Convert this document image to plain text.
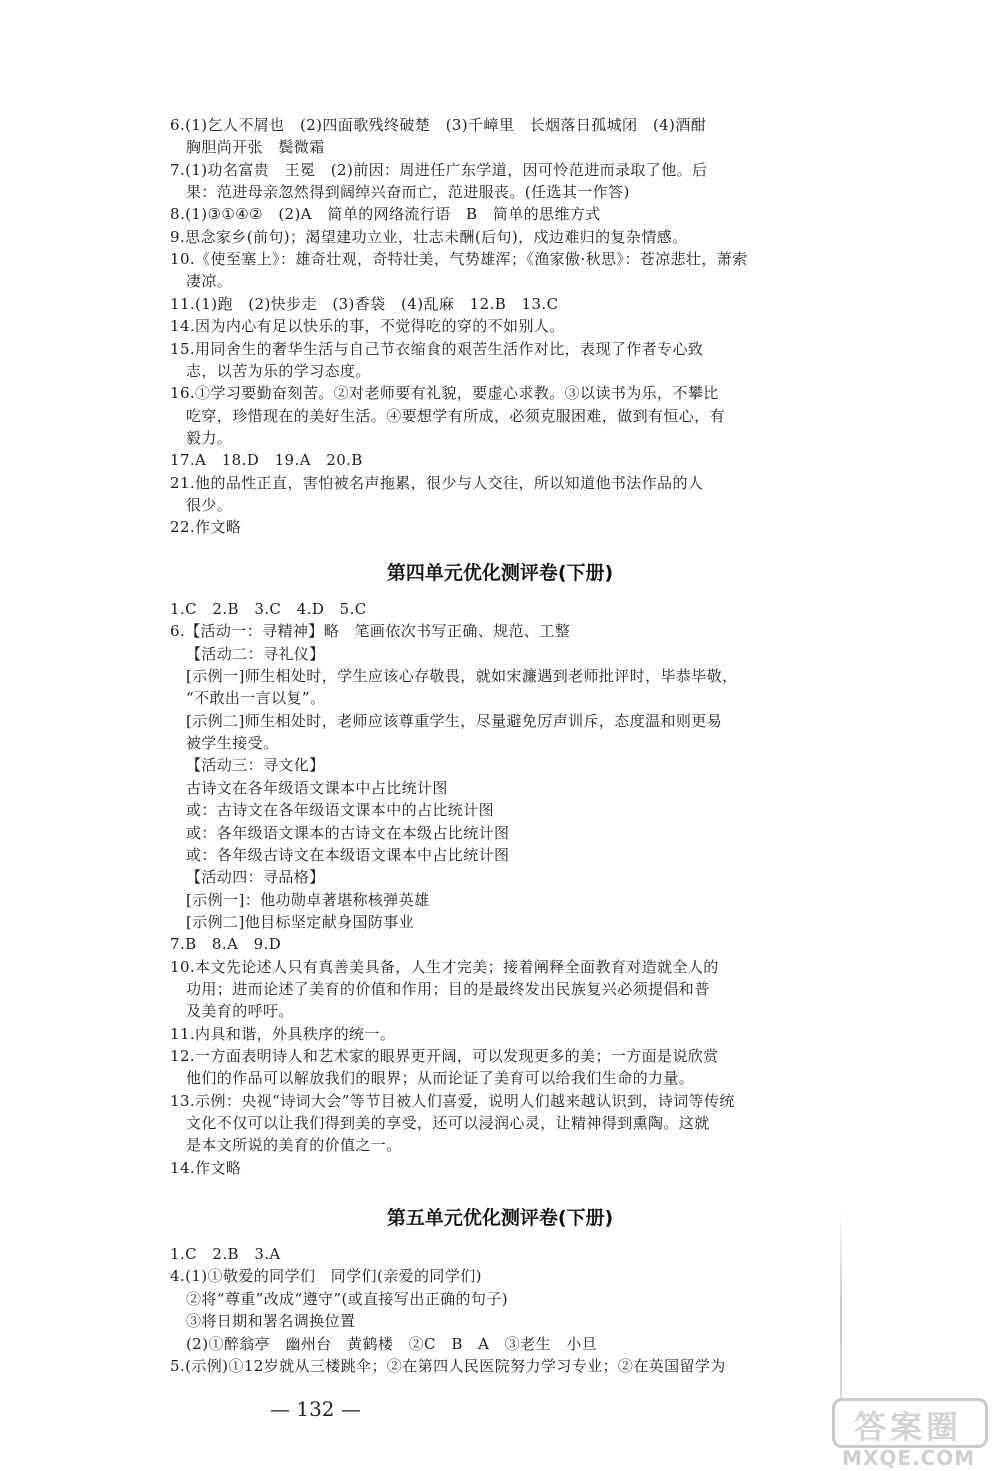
6.(1)乞人不屑也　(2)四面歌残终破楚　(3)千嶂里　长烟落日孤城闭　(4)酒酣
胸胆尚开张　鬓微霜
7.(1)功名富贵　王冕　(2)前因：周进任广东学道，因可怜范进而录取了他。后
果：范进母亲忽然得到阔绰兴奋而亡，范进服丧。(任选其一作答)
8.(1)③①④②　(2)A　简单的网络流行语　B　简单的思维方式
9.思念家乡(前句)；渴望建功立业，壮志未酬(后句)，戍边难归的复杂情感。
10.《使至塞上》：雄奇壮观，奇特壮美，气势雄浑；《渔家傲·秋思》：苍凉悲壮，萧索
凄凉。
11.(1)跑　(2)快步走　(3)香袋　(4)乱麻　12.B　13.C
14.因为内心有足以快乐的事，不觉得吃的穿的不如别人。
15.用同舍生的奢华生活与自己节衣缩食的艰苦生活作对比，表现了作者专心致
志，以苦为乐的学习态度。
16.①学习要勤奋刻苦。②对老师要有礼貌，要虚心求教。③以读书为乐，不攀比
吃穿，珍惜现在的美好生活。④要想学有所成，必须克服困难，做到有恒心，有
毅力。
17.A　18.D　19.A　20.B
21.他的品性正直，害怕被名声拖累，很少与人交往，所以知道他书法作品的人
很少。
22.作文略
第四单元优化测评卷(下册)
1.C　2.B　3.C　4.D　5.C
6.【活动一：寻精神】略　笔画依次书写正确、规范、工整
【活动二：寻礼仪】
[示例一]师生相处时，学生应该心存敬畏，就如宋濂遇到老师批评时，毕恭毕敬，
“不敢出一言以复”。
[示例二]师生相处时，老师应该尊重学生，尽量避免厉声训斥，态度温和则更易
被学生接受。
【活动三：寻文化】
古诗文在各年级语文课本中占比统计图
或：古诗文在各年级语文课本中的占比统计图
或：各年级语文课本的古诗文在本级占比统计图
或：各年级古诗文在本级语文课本中占比统计图
【活动四：寻品格】
[示例一]：他功勋卓著堪称核弹英雄
[示例二]他目标坚定献身国防事业
7.B　8.A　9.D
10.本文先论述人只有真善美具备，人生才完美；接着阐释全面教育对造就全人的
功用；进而论述了美育的价值和作用；目的是最终发出民族复兴必须提倡和普
及美育的呼吁。
11.内具和谐，外具秩序的统一。
12.一方面表明诗人和艺术家的眼界更开阔，可以发现更多的美；一方面是说欣赏
他们的作品可以解放我们的眼界；从而论证了美育可以给我们生命的力量。
13.示例：央视“诗词大会”等节目被人们喜爱，说明人们越来越认识到，诗词等传统
文化不仅可以让我们得到美的享受，还可以浸润心灵，让精神得到熏陶。这就
是本文所说的美育的价值之一。
14.作文略
第五单元优化测评卷(下册)
1.C　2.B　3.A
4.(1)①敬爱的同学们　同学们(亲爱的同学们)
②将“尊重”改成“遵守”(或直接写出正确的句子)
③将日期和署名调换位置
(2)①醉翁亭　幽州台　黄鹤楼　②C　B　A　③老生　小旦
5.(示例)①12岁就从三楼跳伞；②在第四人民医院努力学习专业；②在英国留学为
— 132 —	答案圈
MXQE.COM
